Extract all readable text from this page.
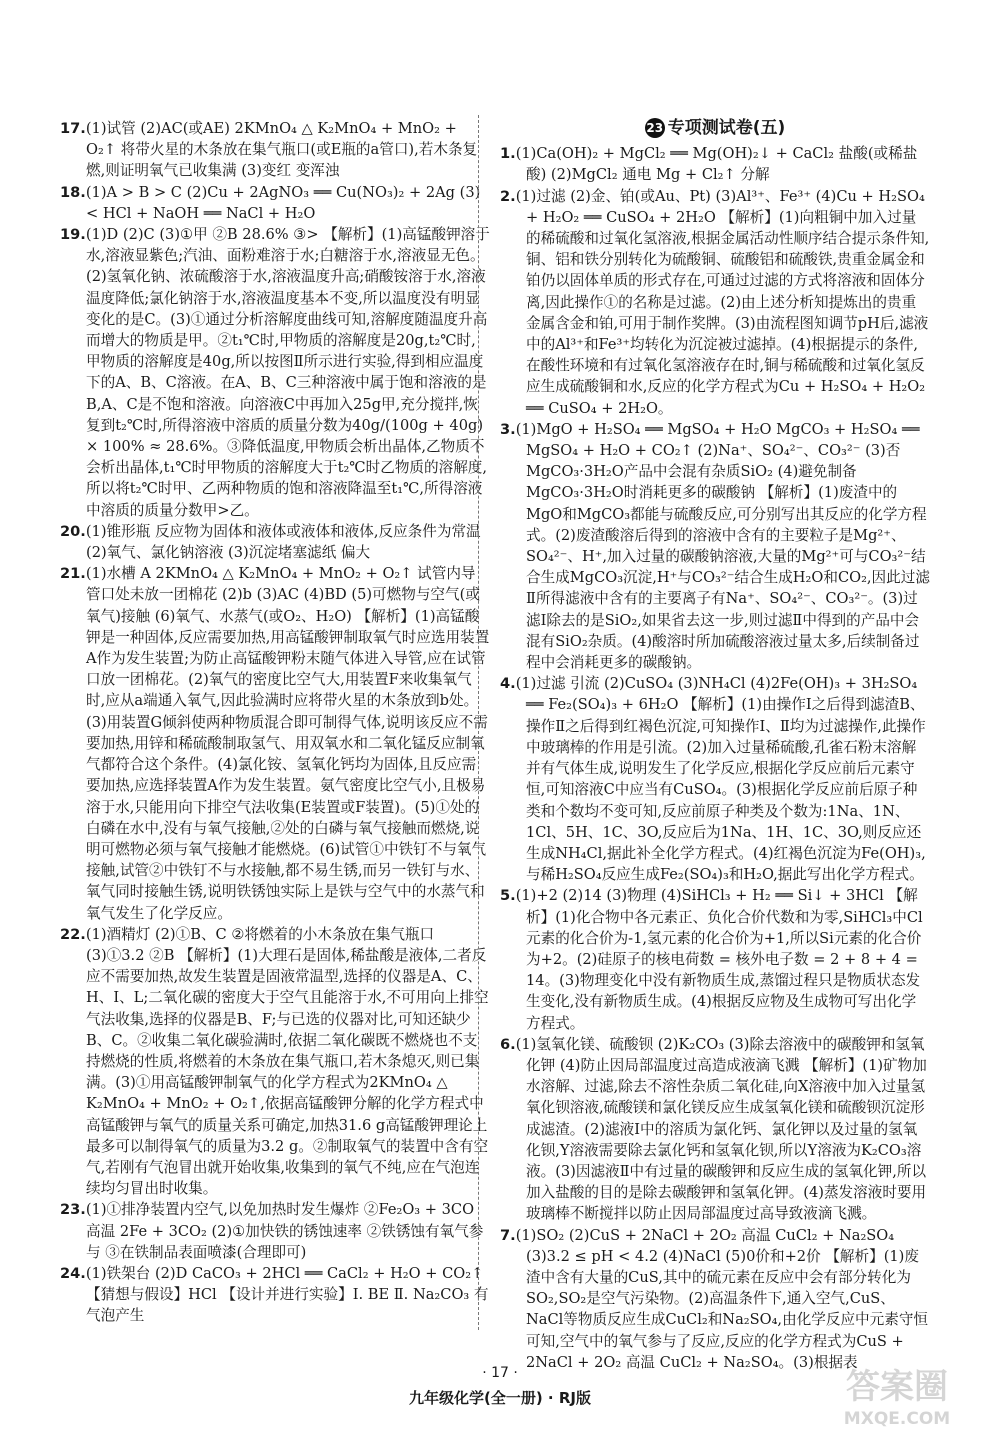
17.(1)试管 (2)AC(或AE) 2KMnO₄ △ K₂MnO₄ + MnO₂ + O₂↑ 将带火星的木条放在集气瓶口(或E瓶的a管口),若木条复燃,则证明氧气已收集满 (3)变红 变浑浊

18.(1)A > B > C (2)Cu + 2AgNO₃ ══ Cu(NO₃)₂ + 2Ag (3) < HCl + NaOH ══ NaCl + H₂O

19.(1)D (2)C (3)①甲 ②B 28.6% ③> 【解析】(1)高锰酸钾溶于水,溶液显紫色;汽油、面粉难溶于水;白糖溶于水,溶液显无色。(2)氢氧化钠、浓硫酸溶于水,溶液温度升高;硝酸铵溶于水,溶液温度降低;氯化钠溶于水,溶液温度基本不变,所以温度没有明显变化的是C。(3)①通过分析溶解度曲线可知,溶解度随温度升高而增大的物质是甲。②t₁℃时,甲物质的溶解度是20g,t₂℃时,甲物质的溶解度是40g,所以按图Ⅱ所示进行实验,得到相应温度下的A、B、C溶液。在A、B、C三种溶液中属于饱和溶液的是B,A、C是不饱和溶液。向溶液C中再加入25g甲,充分搅拌,恢复到t₂℃时,所得溶液中溶质的质量分数为40g/(100g + 40g) × 100% ≈ 28.6%。③降低温度,甲物质会析出晶体,乙物质不会析出晶体,t₁℃时甲物质的溶解度大于t₂℃时乙物质的溶解度,所以将t₂℃时甲、乙两种物质的饱和溶液降温至t₁℃,所得溶液中溶质的质量分数甲>乙。

20.(1)锥形瓶 反应物为固体和液体或液体和液体,反应条件为常温 (2)氧气、氯化钠溶液 (3)沉淀堵塞滤纸 偏大

21.(1)水槽 A 2KMnO₄ △ K₂MnO₄ + MnO₂ + O₂↑ 试管内导管口处未放一团棉花 (2)b (3)AC (4)BD (5)可燃物与空气(或氧气)接触 (6)氧气、水蒸气(或O₂、H₂O) 【解析】(1)高锰酸钾是一种固体,反应需要加热,用高锰酸钾制取氧气时应选用装置A作为发生装置;为防止高锰酸钾粉末随气体进入导管,应在试管口放一团棉花。(2)氧气的密度比空气大,用装置F来收集氧气时,应从a端通入氧气,因此验满时应将带火星的木条放到b处。(3)用装置G倾斜使两种物质混合即可制得气体,说明该反应不需要加热,用锌和稀硫酸制取氢气、用双氧水和二氧化锰反应制氧气都符合这个条件。(4)氯化铵、氢氧化钙均为固体,且反应需要加热,应选择装置A作为发生装置。氨气密度比空气小,且极易溶于水,只能用向下排空气法收集(E装置或F装置)。(5)①处的白磷在水中,没有与氧气接触,②处的白磷与氧气接触而燃烧,说明可燃物必须与氧气接触才能燃烧。(6)试管①中铁钉不与氧气接触,试管②中铁钉不与水接触,都不易生锈,而另一铁钉与水、氧气同时接触生锈,说明铁锈蚀实际上是铁与空气中的水蒸气和氧气发生了化学反应。

22.(1)酒精灯 (2)①B、C ②将燃着的小木条放在集气瓶口 (3)①3.2 ②B 【解析】(1)大理石是固体,稀盐酸是液体,二者反应不需要加热,故发生装置是固液常温型,选择的仪器是A、C、H、I、L;二氧化碳的密度大于空气且能溶于水,不可用向上排空气法收集,选择的仪器是B、F;与已选的仪器对比,可知还缺少B、C。②收集二氧化碳验满时,依据二氧化碳既不燃烧也不支持燃烧的性质,将燃着的木条放在集气瓶口,若木条熄灭,则已集满。(3)①用高锰酸钾制氧气的化学方程式为2KMnO₄ △ K₂MnO₄ + MnO₂ + O₂↑,依据高锰酸钾分解的化学方程式中高锰酸钾与氧气的质量关系可确定,加热31.6 g高锰酸钾理论上最多可以制得氧气的质量为3.2 g。②制取氧气的装置中含有空气,若刚有气泡冒出就开始收集,收集到的氧气不纯,应在气泡连续均匀冒出时收集。

23.(1)①排净装置内空气,以免加热时发生爆炸 ②Fe₂O₃ + 3CO 高温 2Fe + 3CO₂ (2)①加快铁的锈蚀速率 ②铁锈蚀有氧气参与 ③在铁制品表面喷漆(合理即可)

24.(1)铁架台 (2)D CaCO₃ + 2HCl ══ CaCl₂ + H₂O + CO₂↑ 【猜想与假设】HCl 【设计并进行实验】Ⅰ. BE Ⅱ. Na₂CO₃ 有气泡产生

23 专项测试卷(五)

1.(1)Ca(OH)₂ + MgCl₂ ══ Mg(OH)₂↓ + CaCl₂ 盐酸(或稀盐酸) (2)MgCl₂ 通电 Mg + Cl₂↑ 分解

2.(1)过滤 (2)金、铂(或Au、Pt) (3)Al³⁺、Fe³⁺ (4)Cu + H₂SO₄ + H₂O₂ ══ CuSO₄ + 2H₂O 【解析】(1)向粗铜中加入过量的稀硫酸和过氧化氢溶液,根据金属活动性顺序结合提示条件知,铜、铝和铁分别转化为硫酸铜、硫酸铝和硫酸铁,贵重金属金和铂仍以固体单质的形式存在,可通过过滤的方式将溶液和固体分离,因此操作①的名称是过滤。(2)由上述分析知提炼出的贵重金属含金和铂,可用于制作奖牌。(3)由流程图知调节pH后,滤液中的Al³⁺和Fe³⁺均转化为沉淀被过滤掉。(4)根据提示的条件,在酸性环境和有过氧化氢溶液存在时,铜与稀硫酸和过氧化氢反应生成硫酸铜和水,反应的化学方程式为Cu + H₂SO₄ + H₂O₂ ══ CuSO₄ + 2H₂O。

3.(1)MgO + H₂SO₄ ══ MgSO₄ + H₂O MgCO₃ + H₂SO₄ ══ MgSO₄ + H₂O + CO₂↑ (2)Na⁺、SO₄²⁻、CO₃²⁻ (3)否 MgCO₃·3H₂O产品中会混有杂质SiO₂ (4)避免制备MgCO₃·3H₂O时消耗更多的碳酸钠 【解析】(1)废渣中的MgO和MgCO₃都能与硫酸反应,可分别写出其反应的化学方程式。(2)废渣酸溶后得到的溶液中含有的主要粒子是Mg²⁺、SO₄²⁻、H⁺,加入过量的碳酸钠溶液,大量的Mg²⁺可与CO₃²⁻结合生成MgCO₃沉淀,H⁺与CO₃²⁻结合生成H₂O和CO₂,因此过滤Ⅱ所得滤液中含有的主要离子有Na⁺、SO₄²⁻、CO₃²⁻。(3)过滤Ⅰ除去的是SiO₂,如果省去这一步,则过滤Ⅱ中得到的产品中会混有SiO₂杂质。(4)酸溶时所加硫酸溶液过量太多,后续制备过程中会消耗更多的碳酸钠。

4.(1)过滤 引流 (2)CuSO₄ (3)NH₄Cl (4)2Fe(OH)₃ + 3H₂SO₄ ══ Fe₂(SO₄)₃ + 6H₂O 【解析】(1)由操作Ⅰ之后得到滤渣B、操作Ⅱ之后得到红褐色沉淀,可知操作Ⅰ、Ⅱ均为过滤操作,此操作中玻璃棒的作用是引流。(2)加入过量稀硫酸,孔雀石粉末溶解并有气体生成,说明发生了化学反应,根据化学反应前后元素守恒,可知溶液C中应当有CuSO₄。(3)根据化学反应前后原子种类和个数均不变可知,反应前原子种类及个数为:1Na、1N、1Cl、5H、1C、3O,反应后为1Na、1H、1C、3O,则反应还生成NH₄Cl,据此补全化学方程式。(4)红褐色沉淀为Fe(OH)₃,与稀H₂SO₄反应生成Fe₂(SO₄)₃和H₂O,据此写出化学方程式。

5.(1)+2 (2)14 (3)物理 (4)SiHCl₃ + H₂ ══ Si↓ + 3HCl 【解析】(1)化合物中各元素正、负化合价代数和为零,SiHCl₃中Cl元素的化合价为-1,氢元素的化合价为+1,所以Si元素的化合价为+2。(2)硅原子的核电荷数 = 核外电子数 = 2 + 8 + 4 = 14。(3)物理变化中没有新物质生成,蒸馏过程只是物质状态发生变化,没有新物质生成。(4)根据反应物及生成物可写出化学方程式。

6.(1)氢氧化镁、硫酸钡 (2)K₂CO₃ (3)除去溶液中的碳酸钾和氢氧化钾 (4)防止因局部温度过高造成液滴飞溅 【解析】(1)矿物加水溶解、过滤,除去不溶性杂质二氧化硅,向X溶液中加入过量氢氧化钡溶液,硫酸镁和氯化镁反应生成氢氧化镁和硫酸钡沉淀形成滤渣。(2)滤液Ⅰ中的溶质为氯化钙、氯化钾以及过量的氢氧化钡,Y溶液需要除去氯化钙和氢氧化钡,所以Y溶液为K₂CO₃溶液。(3)因滤液Ⅱ中有过量的碳酸钾和反应生成的氢氧化钾,所以加入盐酸的目的是除去碳酸钾和氢氧化钾。(4)蒸发溶液时要用玻璃棒不断搅拌以防止因局部温度过高导致液滴飞溅。

7.(1)SO₂ (2)CuS + 2NaCl + 2O₂ 高温 CuCl₂ + Na₂SO₄ (3)3.2 ≤ pH < 4.2 (4)NaCl (5)0价和+2价 【解析】(1)废渣中含有大量的CuS,其中的硫元素在反应中会有部分转化为SO₂,SO₂是空气污染物。(2)高温条件下,通入空气,CuS、NaCl等物质反应生成CuCl₂和Na₂SO₄,由化学反应中元素守恒可知,空气中的氧气参与了反应,反应的化学方程式为CuS + 2NaCl + 2O₂ 高温 CuCl₂ + Na₂SO₄。(3)根据表

· 17 ·
九年级化学(全一册) · RJ版	答案圈
MXQE.COM
